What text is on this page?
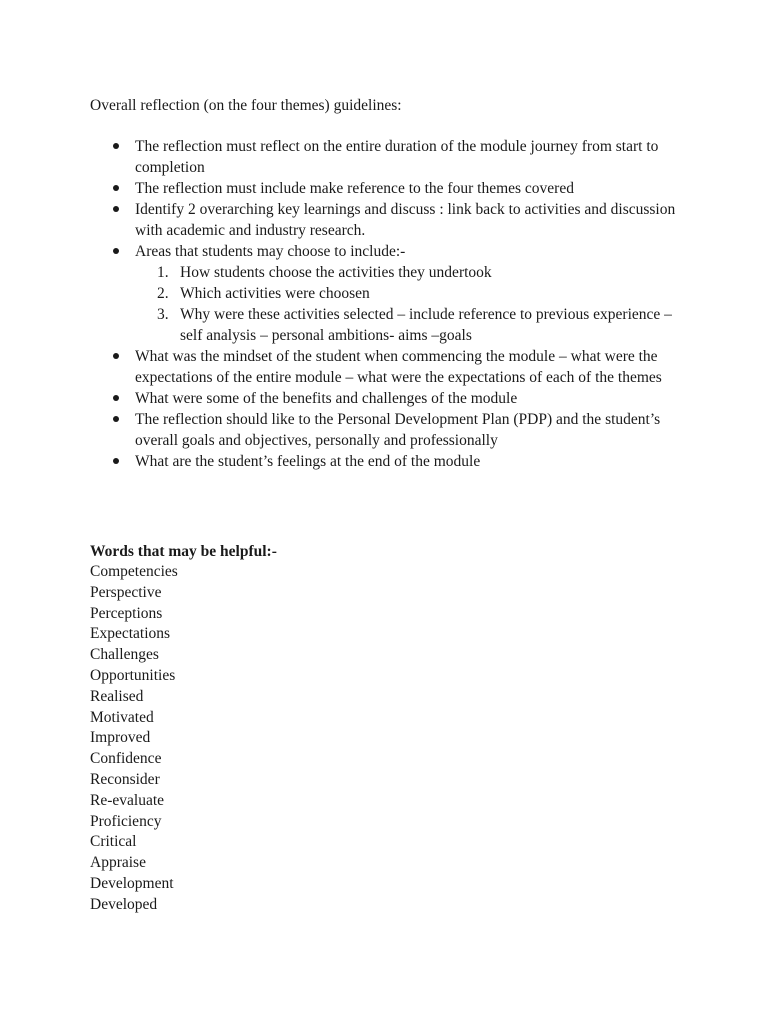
Overall reflection (on the four themes) guidelines:

The reflection must reflect on the entire duration of the module journey from start to completion
The reflection must include make reference to the four themes covered
Identify 2 overarching key learnings and discuss : link back to activities and discussion with academic and industry research.
Areas that students may choose to include:-
1. How students choose the activities they undertook
2. Which activities were choosen
3. Why were these activities selected – include reference to previous experience – self analysis – personal ambitions- aims –goals
What was the mindset of the student when commencing the module – what were the expectations of the entire module – what were the expectations of each of the themes
What were some of the benefits and challenges of the module
The reflection should like to the Personal Development Plan (PDP) and the student’s overall goals and objectives, personally and professionally
What are the student’s feelings at the end of the module

Words that may be helpful:-

Competencies
Perspective
Perceptions
Expectations
Challenges
Opportunities
Realised
Motivated
Improved
Confidence
Reconsider
Re-evaluate
Proficiency
Critical
Appraise
Development
Developed
